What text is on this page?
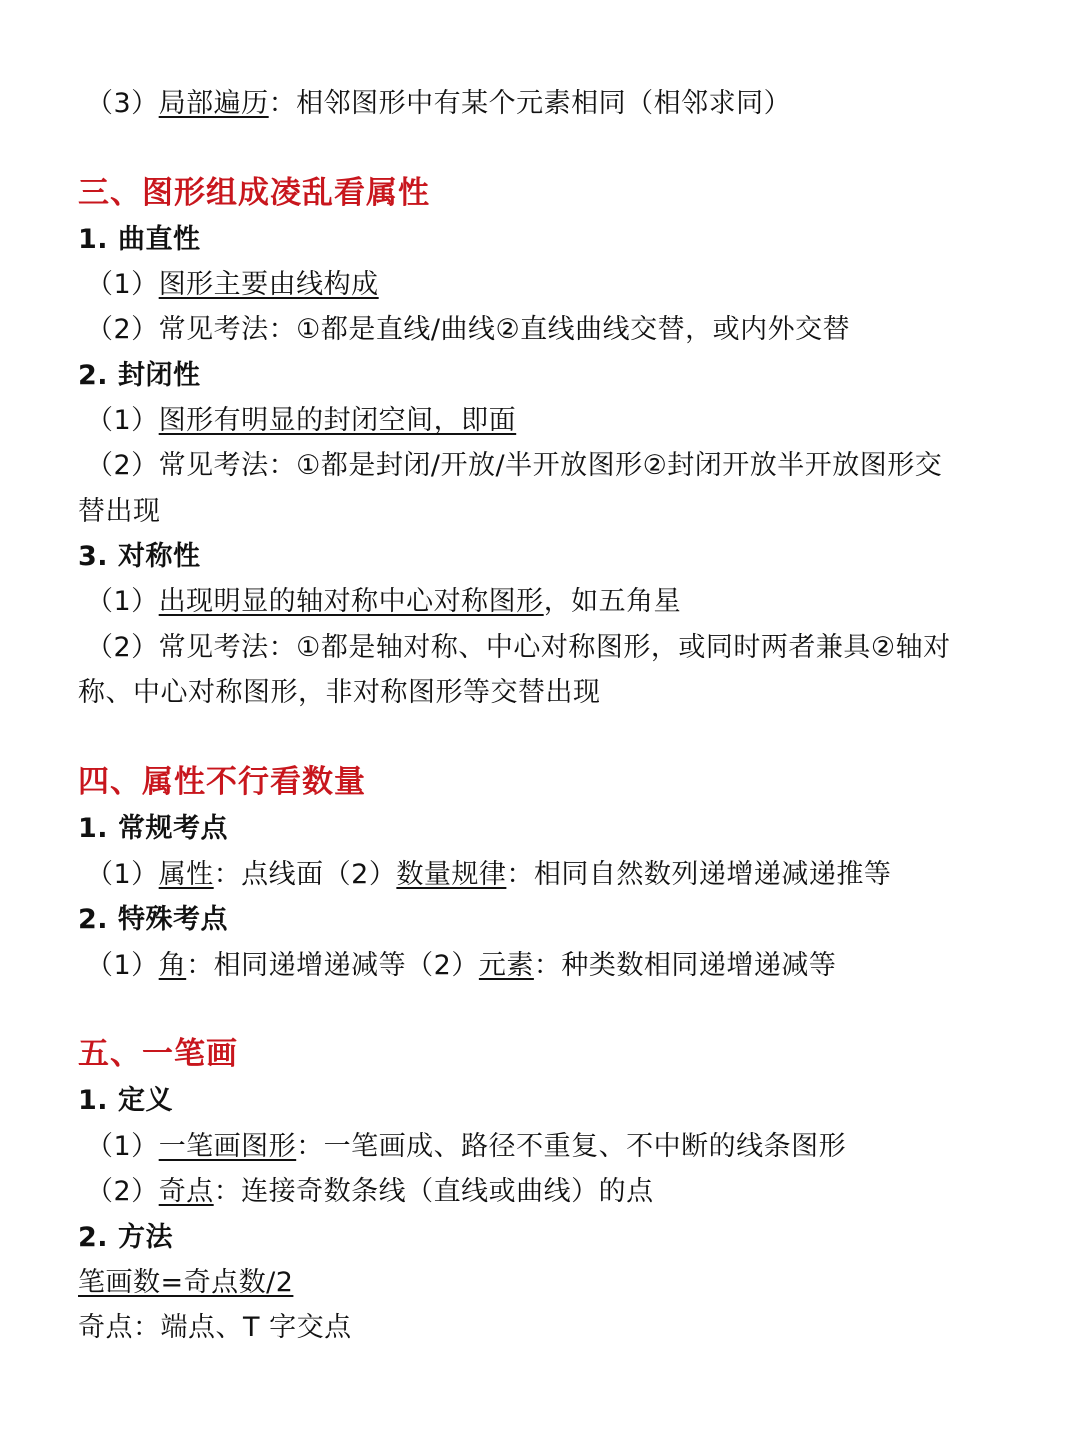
（3）局部遍历：相邻图形中有某个元素相同（相邻求同）
三、图形组成凌乱看属性
1. 曲直性
（1）图形主要由线构成
（2）常见考法：①都是直线/曲线②直线曲线交替，或内外交替
2. 封闭性
（1）图形有明显的封闭空间，即面
（2）常见考法：①都是封闭/开放/半开放图形②封闭开放半开放图形交
替出现
3. 对称性
（1）出现明显的轴对称中心对称图形，如五角星
（2）常见考法：①都是轴对称、中心对称图形，或同时两者兼具②轴对
称、中心对称图形，非对称图形等交替出现
四、属性不行看数量
1. 常规考点
（1）属性：点线面（2）数量规律：相同自然数列递增递减递推等
2. 特殊考点
（1）角：相同递增递减等（2）元素：种类数相同递增递减等
五、一笔画
1. 定义
（1）一笔画图形：一笔画成、路径不重复、不中断的线条图形
（2）奇点：连接奇数条线（直线或曲线）的点
2. 方法
笔画数=奇点数/2
奇点：端点、T 字交点
